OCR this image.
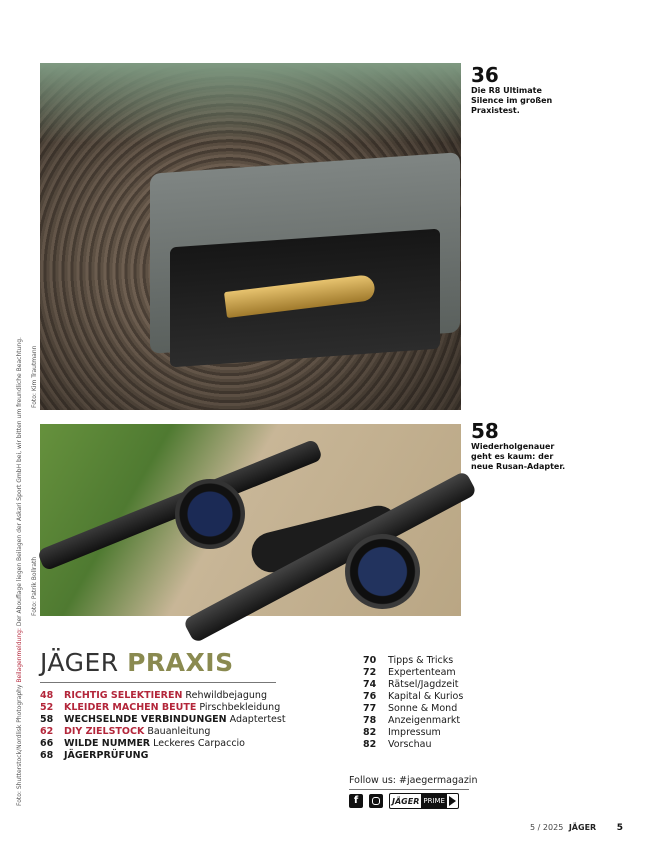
Foto: Shutterstock/Nordlisk Photography Beilagenmeldung: Der Abouflage liegen Beilagen der Askari Sport GmbH bei, wir bitten um freundliche Beachtung. Foto: Kim Trautmann
Foto: Patrik Bollrath
36
Die R8 Ultimate
Silence im großen
Praxistest.
58
Wiederholgenauer
geht es kaum: der
neue Rusan-Adapter.
JÄGER PRAXIS
48 RICHTIG SELEKTIEREN Rehwildbejagung
52 KLEIDER MACHEN BEUTE Pirschbekleidung
58 WECHSELNDE VERBINDUNGEN Adaptertest
62 DIY ZIELSTOCK Bauanleitung
66 WILDE NUMMER Leckeres Carpaccio
68 JÄGERPRÜFUNG
70 Tipps & Tricks
72 Expertenteam
74 Rätsel/Jagdzeit
76 Kapital & Kurios
77 Sonne & Mond
78 Anzeigenmarkt
82 Impressum
82 Vorschau
Follow us: #jaegermagazin
f	JÄGER PRIME
5 / 2025 JÄGER 5
